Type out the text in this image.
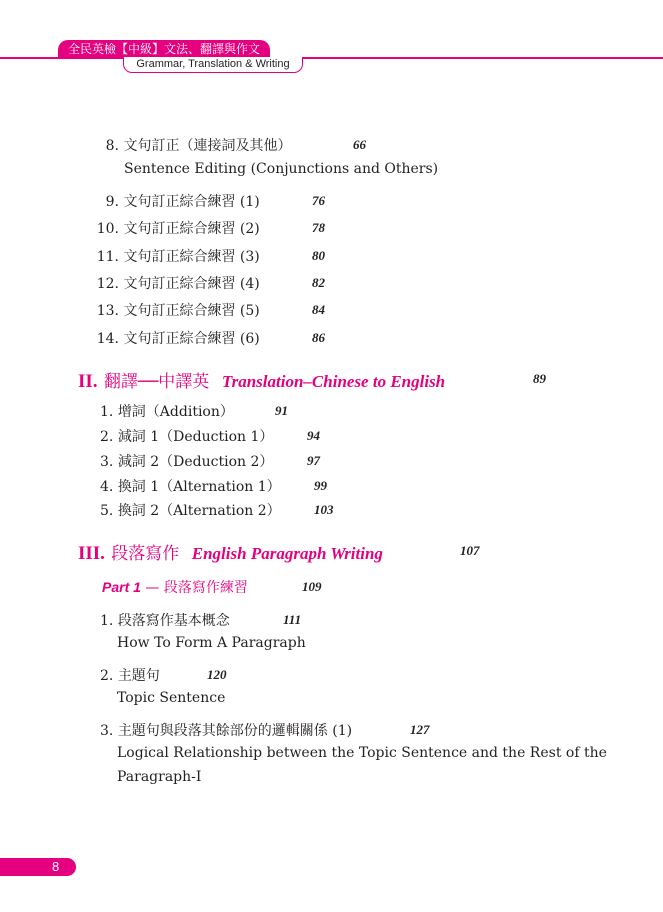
全民英檢【中級】文法、翻譯與作文
Grammar, Translation & Writing
8. 文句訂正（連接詞及其他）	66
Sentence Editing (Conjunctions and Others)
9. 文句訂正綜合練習 (1)	76
10. 文句訂正綜合練習 (2)	78
11. 文句訂正綜合練習 (3)	80
12. 文句訂正綜合練習 (4)	82
13. 文句訂正綜合練習 (5)	84
14. 文句訂正綜合練習 (6)	86
II. 翻譯──中譯英 Translation–Chinese to English	89
1. 增詞（Addition）	91
2. 減詞 1（Deduction 1）	94
3. 減詞 2（Deduction 2）	97
4. 換詞 1（Alternation 1）	99
5. 換詞 2（Alternation 2）	103
III. 段落寫作 English Paragraph Writing	107
Part 1 — 段落寫作練習	109
1. 段落寫作基本概念	111
How To Form A Paragraph
2. 主題句	120
Topic Sentence
3. 主題句與段落其餘部份的邏輯關係 (1)	127
Logical Relationship between the Topic Sentence and the Rest of the
Paragraph-I
8
